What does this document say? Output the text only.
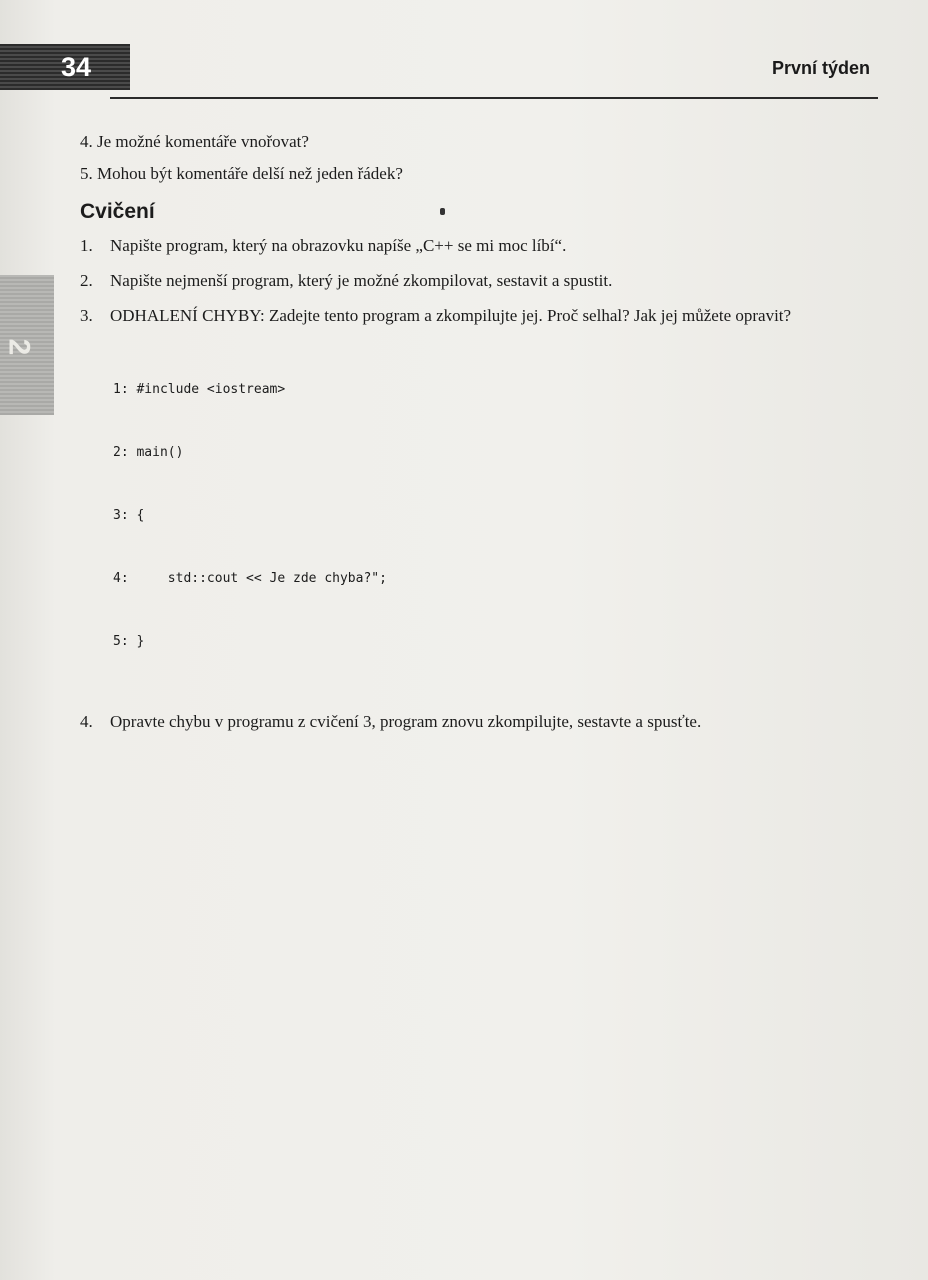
34	První týden
2
4. Je možné komentáře vnořovat?
5. Mohou být komentáře delší než jeden řádek?
Cvičení
1.	Napište program, který na obrazovku napíše „C++ se mi moc líbí“.
2.	Napište nejmenší program, který je možné zkompilovat, sestavit a spustit.
3.	ODHALENÍ CHYBY: Zadejte tento program a zkompilujte jej. Proč selhal? Jak jej můžete opravit?

1: #include <iostream>

2: main()

3: {

4:     std::cout << Je zde chyba?";

5: }

4.	Opravte chybu v programu z cvičení 3, program znovu zkompilujte, sestavte a spusťte.
